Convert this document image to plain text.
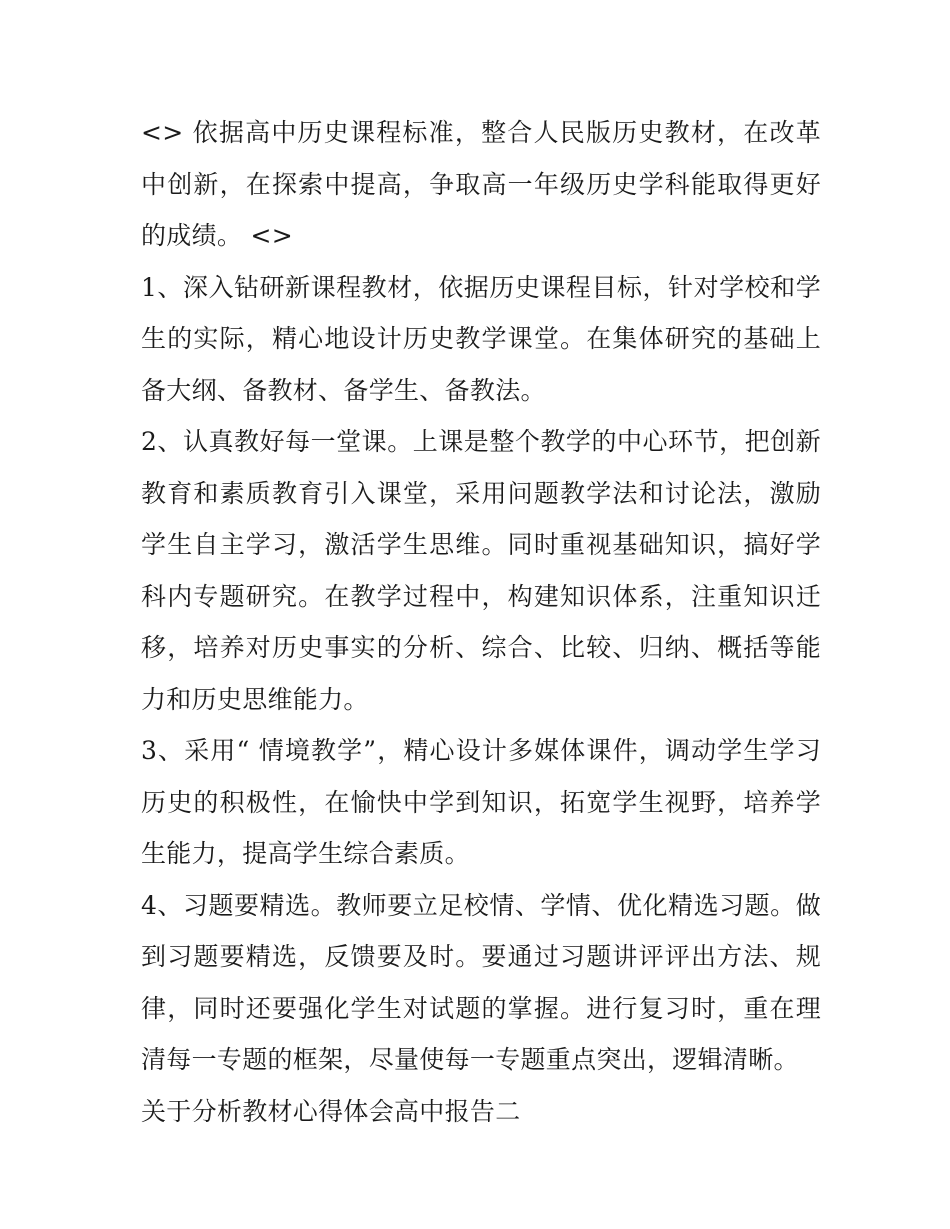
<> 依据高中历史课程标准，整合人民版历史教材，在改革中创新，在探索中提高，争取高一年级历史学科能取得更好的成绩。 <>

1、深入钻研新课程教材，依据历史课程目标，针对学校和学生的实际，精心地设计历史教学课堂。在集体研究的基础上备大纲、备教材、备学生、备教法。

2、认真教好每一堂课。上课是整个教学的中心环节，把创新教育和素质教育引入课堂，采用问题教学法和讨论法，激励学生自主学习，激活学生思维。同时重视基础知识，搞好学科内专题研究。在教学过程中，构建知识体系，注重知识迁移，培养对历史事实的分析、综合、比较、归纳、概括等能力和历史思维能力。

3、采用“ 情境教学”，精心设计多媒体课件，调动学生学习历史的积极性，在愉快中学到知识，拓宽学生视野，培养学生能力，提高学生综合素质。

4、习题要精选。教师要立足校情、学情、优化精选习题。做到习题要精选，反馈要及时。要通过习题讲评评出方法、规律，同时还要强化学生对试题的掌握。进行复习时，重在理清每一专题的框架，尽量使每一专题重点突出，逻辑清晰。

关于分析教材心得体会高中报告二
